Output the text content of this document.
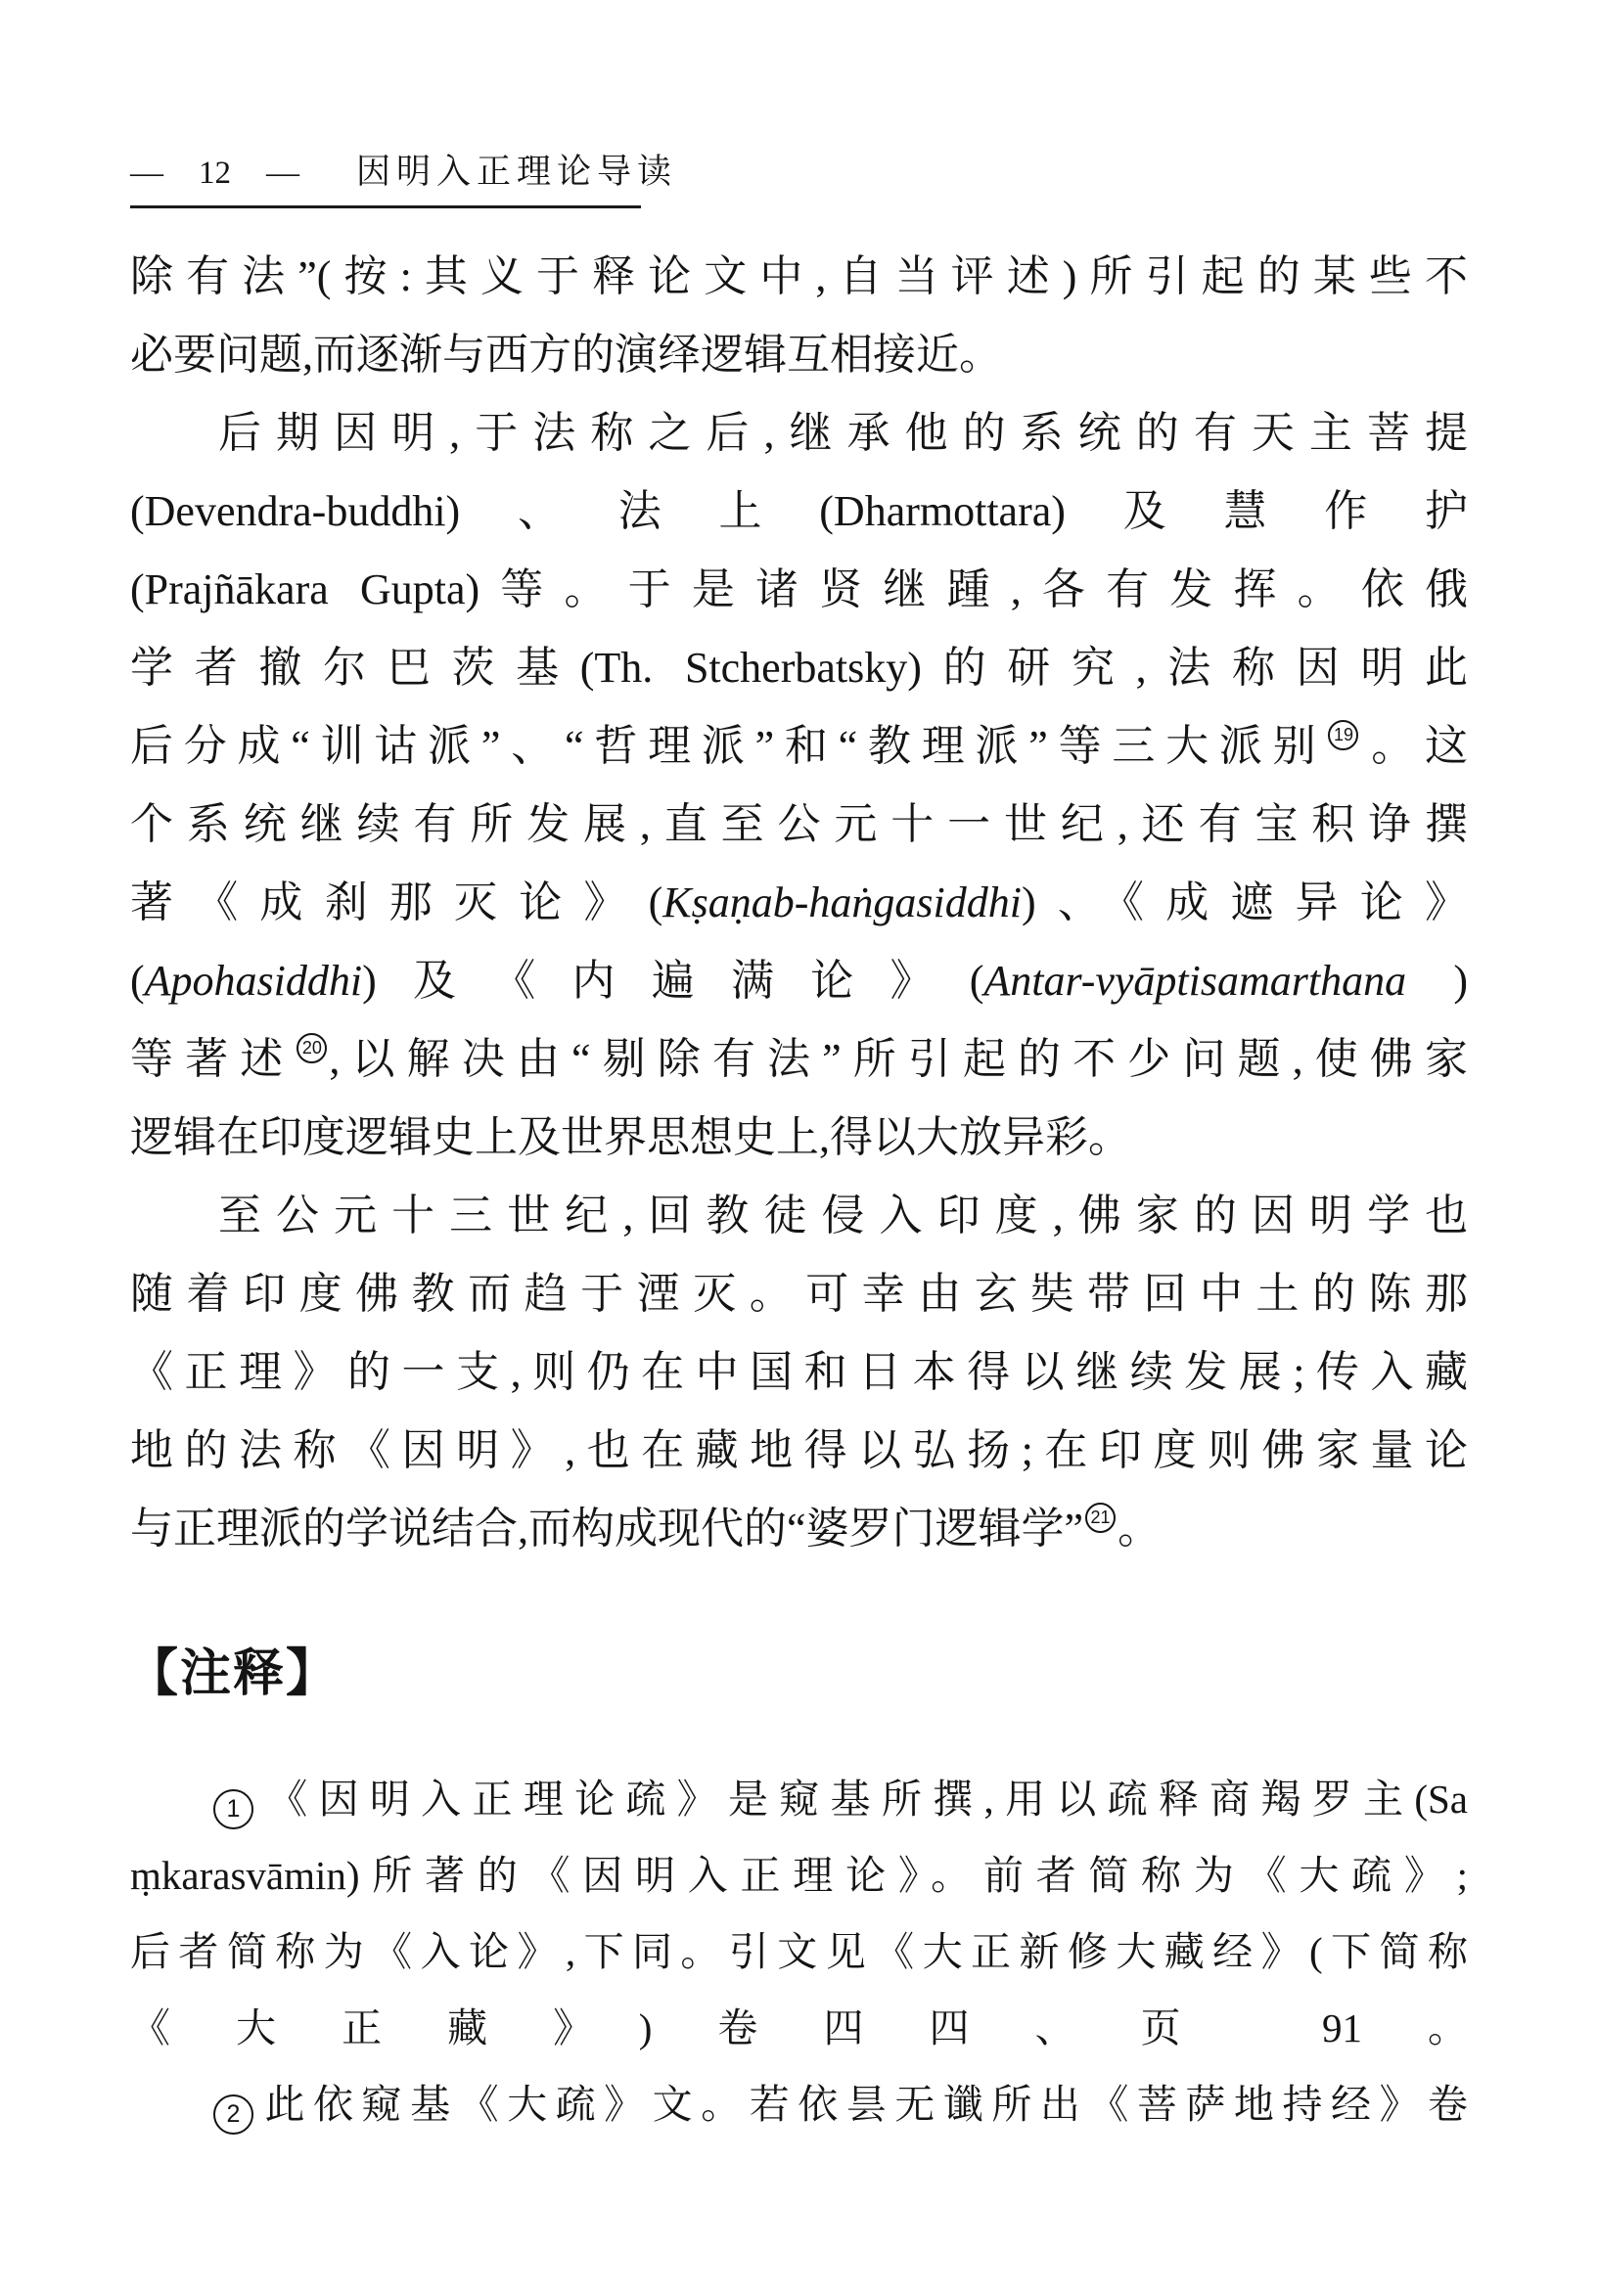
— 12 — 因明入正理论导读
除有法”(按:其义于释论文中,自当评述)所引起的某些不
必要问题,而逐渐与西方的演绎逻辑互相接近。
后期因明,于法称之后,继承他的系统的有天主菩提
(Devendra-buddhi)、法上(Dharmottara)及慧作护
(Prajñākara Gupta)等。于是诸贤继踵,各有发挥。依俄
学者撤尔巴茨基(Th. Stcherbatsky)的研究,法称因明此
后分成“训诂派”、“哲理派”和“教理派”等三大派别 19 。这
个系统继续有所发展,直至公元十一世纪,还有宝积诤撰
著《成刹那灭论》(Kṣaṇab-haṅgasiddhi)、《成遮异论》
(Apohasiddhi)及《内遍满论》(Antar-vyāptisamarthana )
等著述 20 ,以解决由“剔除有法”所引起的不少问题,使佛家
逻辑在印度逻辑史上及世界思想史上,得以大放异彩。
至公元十三世纪,回教徒侵入印度,佛家的因明学也
随着印度佛教而趋于湮灭。可幸由玄奘带回中土的陈那
《正理》的一支,则仍在中国和日本得以继续发展;传入藏
地的法称《因明》,也在藏地得以弘扬;在印度则佛家量论
与正理派的学说结合,而构成现代的“婆罗门逻辑学” 21 。
【注释】
1 《因明入正理论疏》是窥基所撰,用以疏释商羯罗主(Sa
ṃkarasvāmin)所著的《因明入正理论》。前者简称为《大疏》;
后者简称为《入论》,下同。引文见《大正新修大藏经》(下简称
《大正藏》)卷四四、页 91。
2 此依窥基《大疏》文。若依昙无谶所出《菩萨地持经》卷
